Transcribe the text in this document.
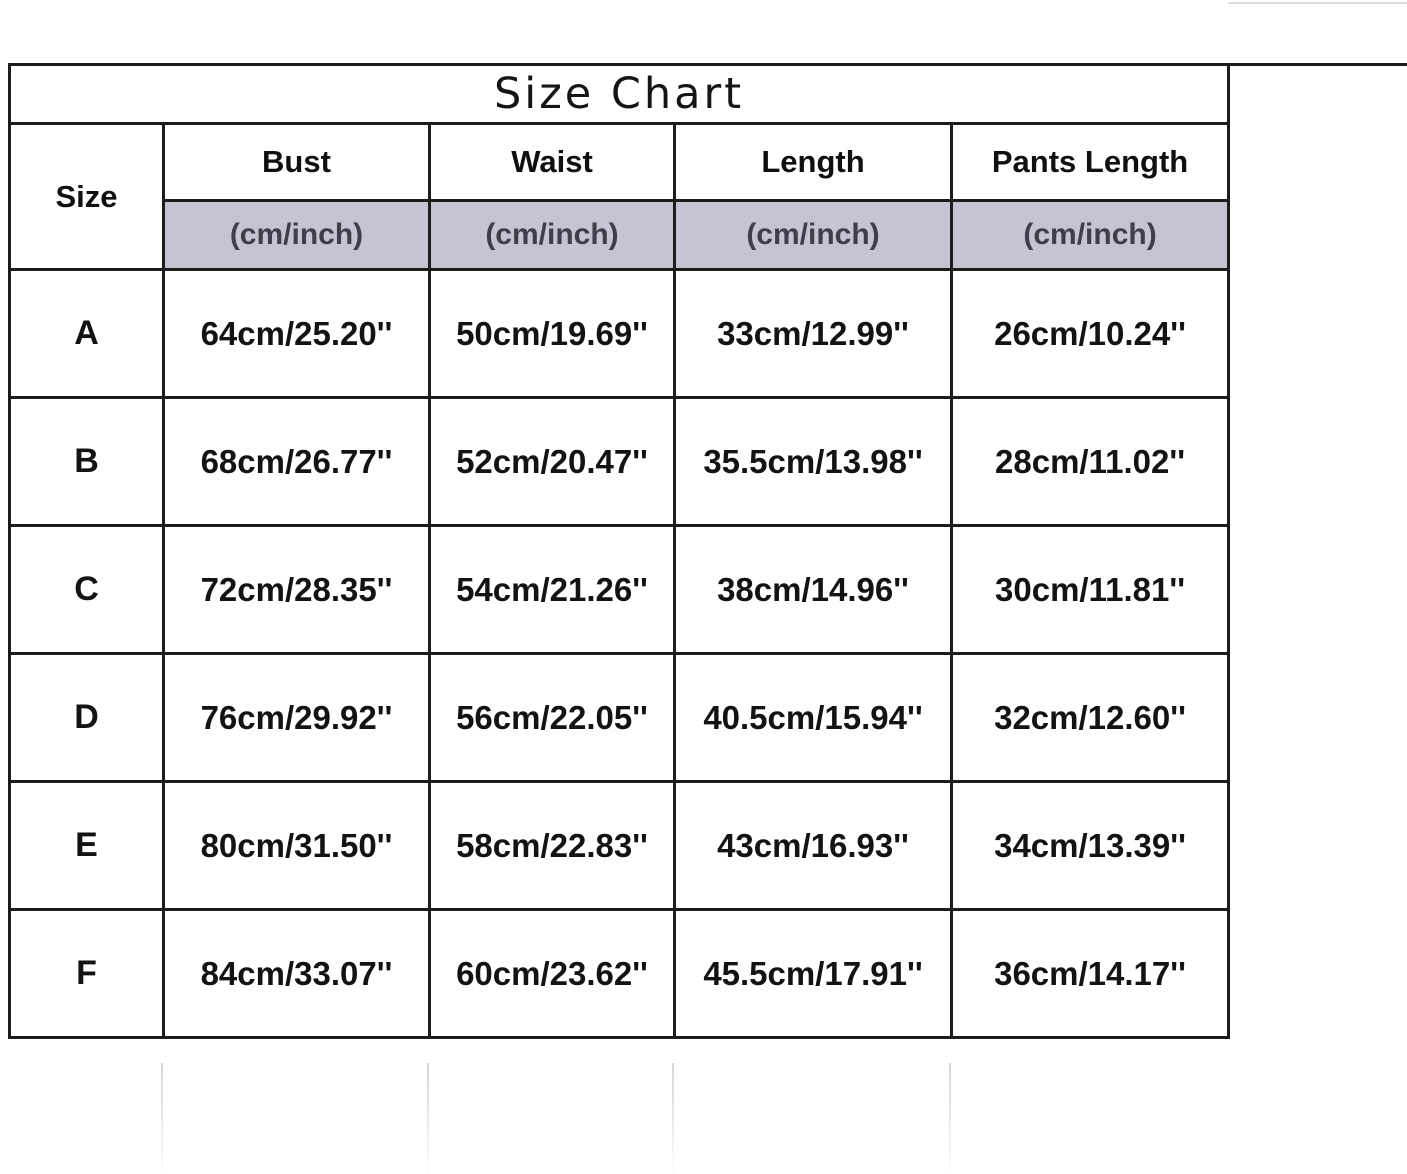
Size Chart				
Size	Bust	Waist	Length	Pants Length
	(cm/inch)	(cm/inch)	(cm/inch)	(cm/inch)
A	64cm/25.20''	50cm/19.69''	33cm/12.99''	26cm/10.24''
B	68cm/26.77''	52cm/20.47''	35.5cm/13.98''	28cm/11.02''
C	72cm/28.35''	54cm/21.26''	38cm/14.96''	30cm/11.81''
D	76cm/29.92''	56cm/22.05''	40.5cm/15.94''	32cm/12.60''
E	80cm/31.50''	58cm/22.83''	43cm/16.93''	34cm/13.39''
F	84cm/33.07''	60cm/23.62''	45.5cm/17.91''	36cm/14.17''
